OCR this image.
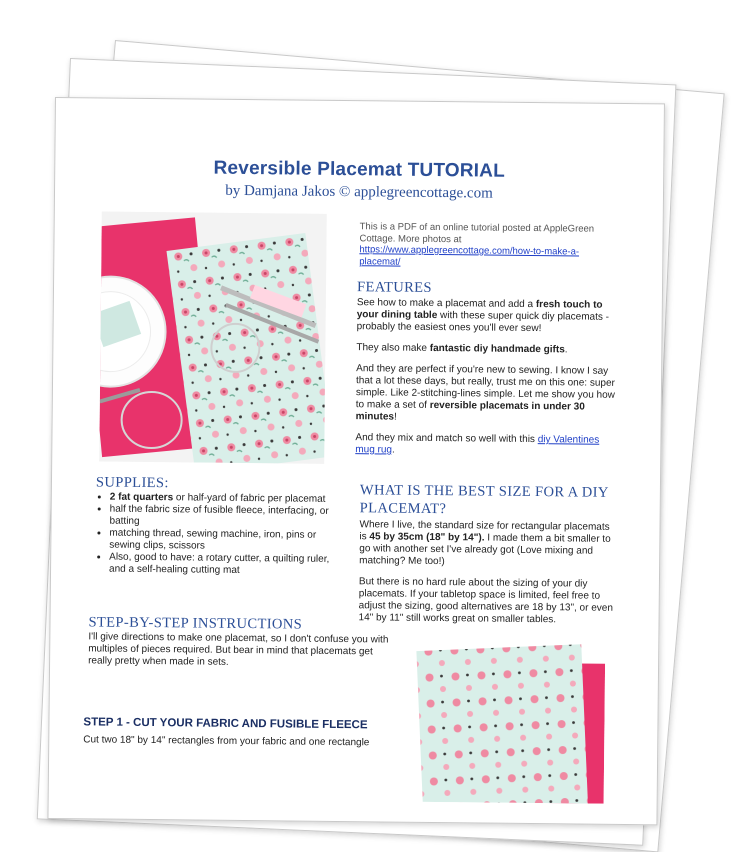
Reversible Placemat TUTORIAL
by Damjana Jakos © applegreencottage.com
This is a PDF of an online tutorial posted at AppleGreen Cottage. More photos at
https://www.applegreencottage.com/how-to-make-a-placemat/
FEATURES

See how to make a placemat and add a fresh touch to your dining table with these super quick diy placemats - probably the easiest ones you'll ever sew!

They also make fantastic diy handmade gifts.

And they are perfect if you're new to sewing. I know I say that a lot these days, but really, trust me on this one: super simple. Like 2-stitching-lines simple. Let me show you how to make a set of reversible placemats in under 30 minutes!

And they mix and match so well with this diy Valentines mug rug.

SUPPLIES:
• 2 fat quarters or half-yard of fabric per placemat
• half the fabric size of fusible fleece, interfacing, or batting
• matching thread, sewing machine, iron, pins or sewing clips, scissors
• Also, good to have: a rotary cutter, a quilting ruler, and a self-healing cutting mat
WHAT IS THE BEST SIZE FOR A DIY PLACEMAT?

Where I live, the standard size for rectangular placemats is 45 by 35cm (18" by 14"). I made them a bit smaller to go with another set I've already got (Love mixing and matching? Me too!)

But there is no hard rule about the sizing of your diy placemats. If your tabletop space is limited, feel free to adjust the sizing, good alternatives are 18 by 13", or even 14" by 11" still works great on smaller tables.

STEP-BY-STEP INSTRUCTIONS
I'll give directions to make one placemat, so I don't confuse you with multiples of pieces required. But bear in mind that placemats get really pretty when made in sets.
STEP 1 - CUT YOUR FABRIC AND FUSIBLE FLEECE
Cut two 18" by 14" rectangles from your fabric and one rectangle
